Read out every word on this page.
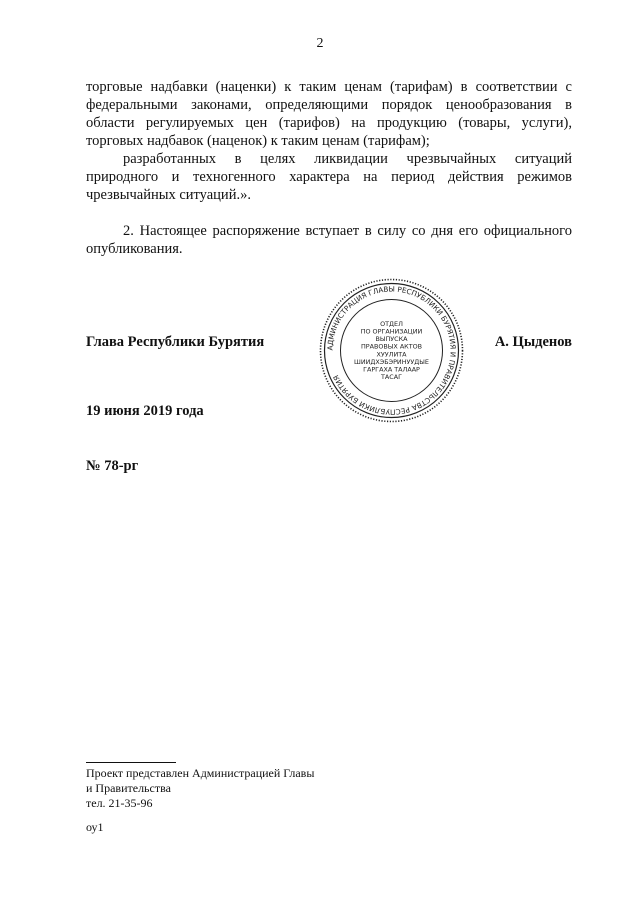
2

торговые надбавки (наценки) к таким ценам (тарифам) в соответствии с федеральными законами, определяющими порядок ценообразования в области регулируемых цен (тарифов) на продукцию (товары, услуги), торговых надбавок (наценок) к таким ценам (тарифам);

разработанных в целях ликвидации чрезвычайных ситуаций природного и техногенного характера на период действия режимов чрезвычайных ситуаций.».

2. Настоящее распоряжение вступает в силу со дня его официального опубликования.

Глава Республики Бурятия	А. Цыденов
АДМИНИСТРАЦИЯ ГЛАВЫ РЕСПУБЛИКИ БУРЯТИЯ И ПРАВИТЕЛЬСТВА РЕСПУБЛИКИ БУРЯТИЯ
ОТДЕЛ
ПО ОРГАНИЗАЦИИ
ВЫПУСКА
ПРАВОВЫХ АКТОВ
ХУУЛИТА
ШИИДХЭБЭРИНУУДЫЕ
ГАРГАХА ТАЛААР
ТАСАГ
19 июня 2019 года
№ 78-рг
Проект представлен Администрацией Главы
и Правительства
тел. 21-35-96
оу1
